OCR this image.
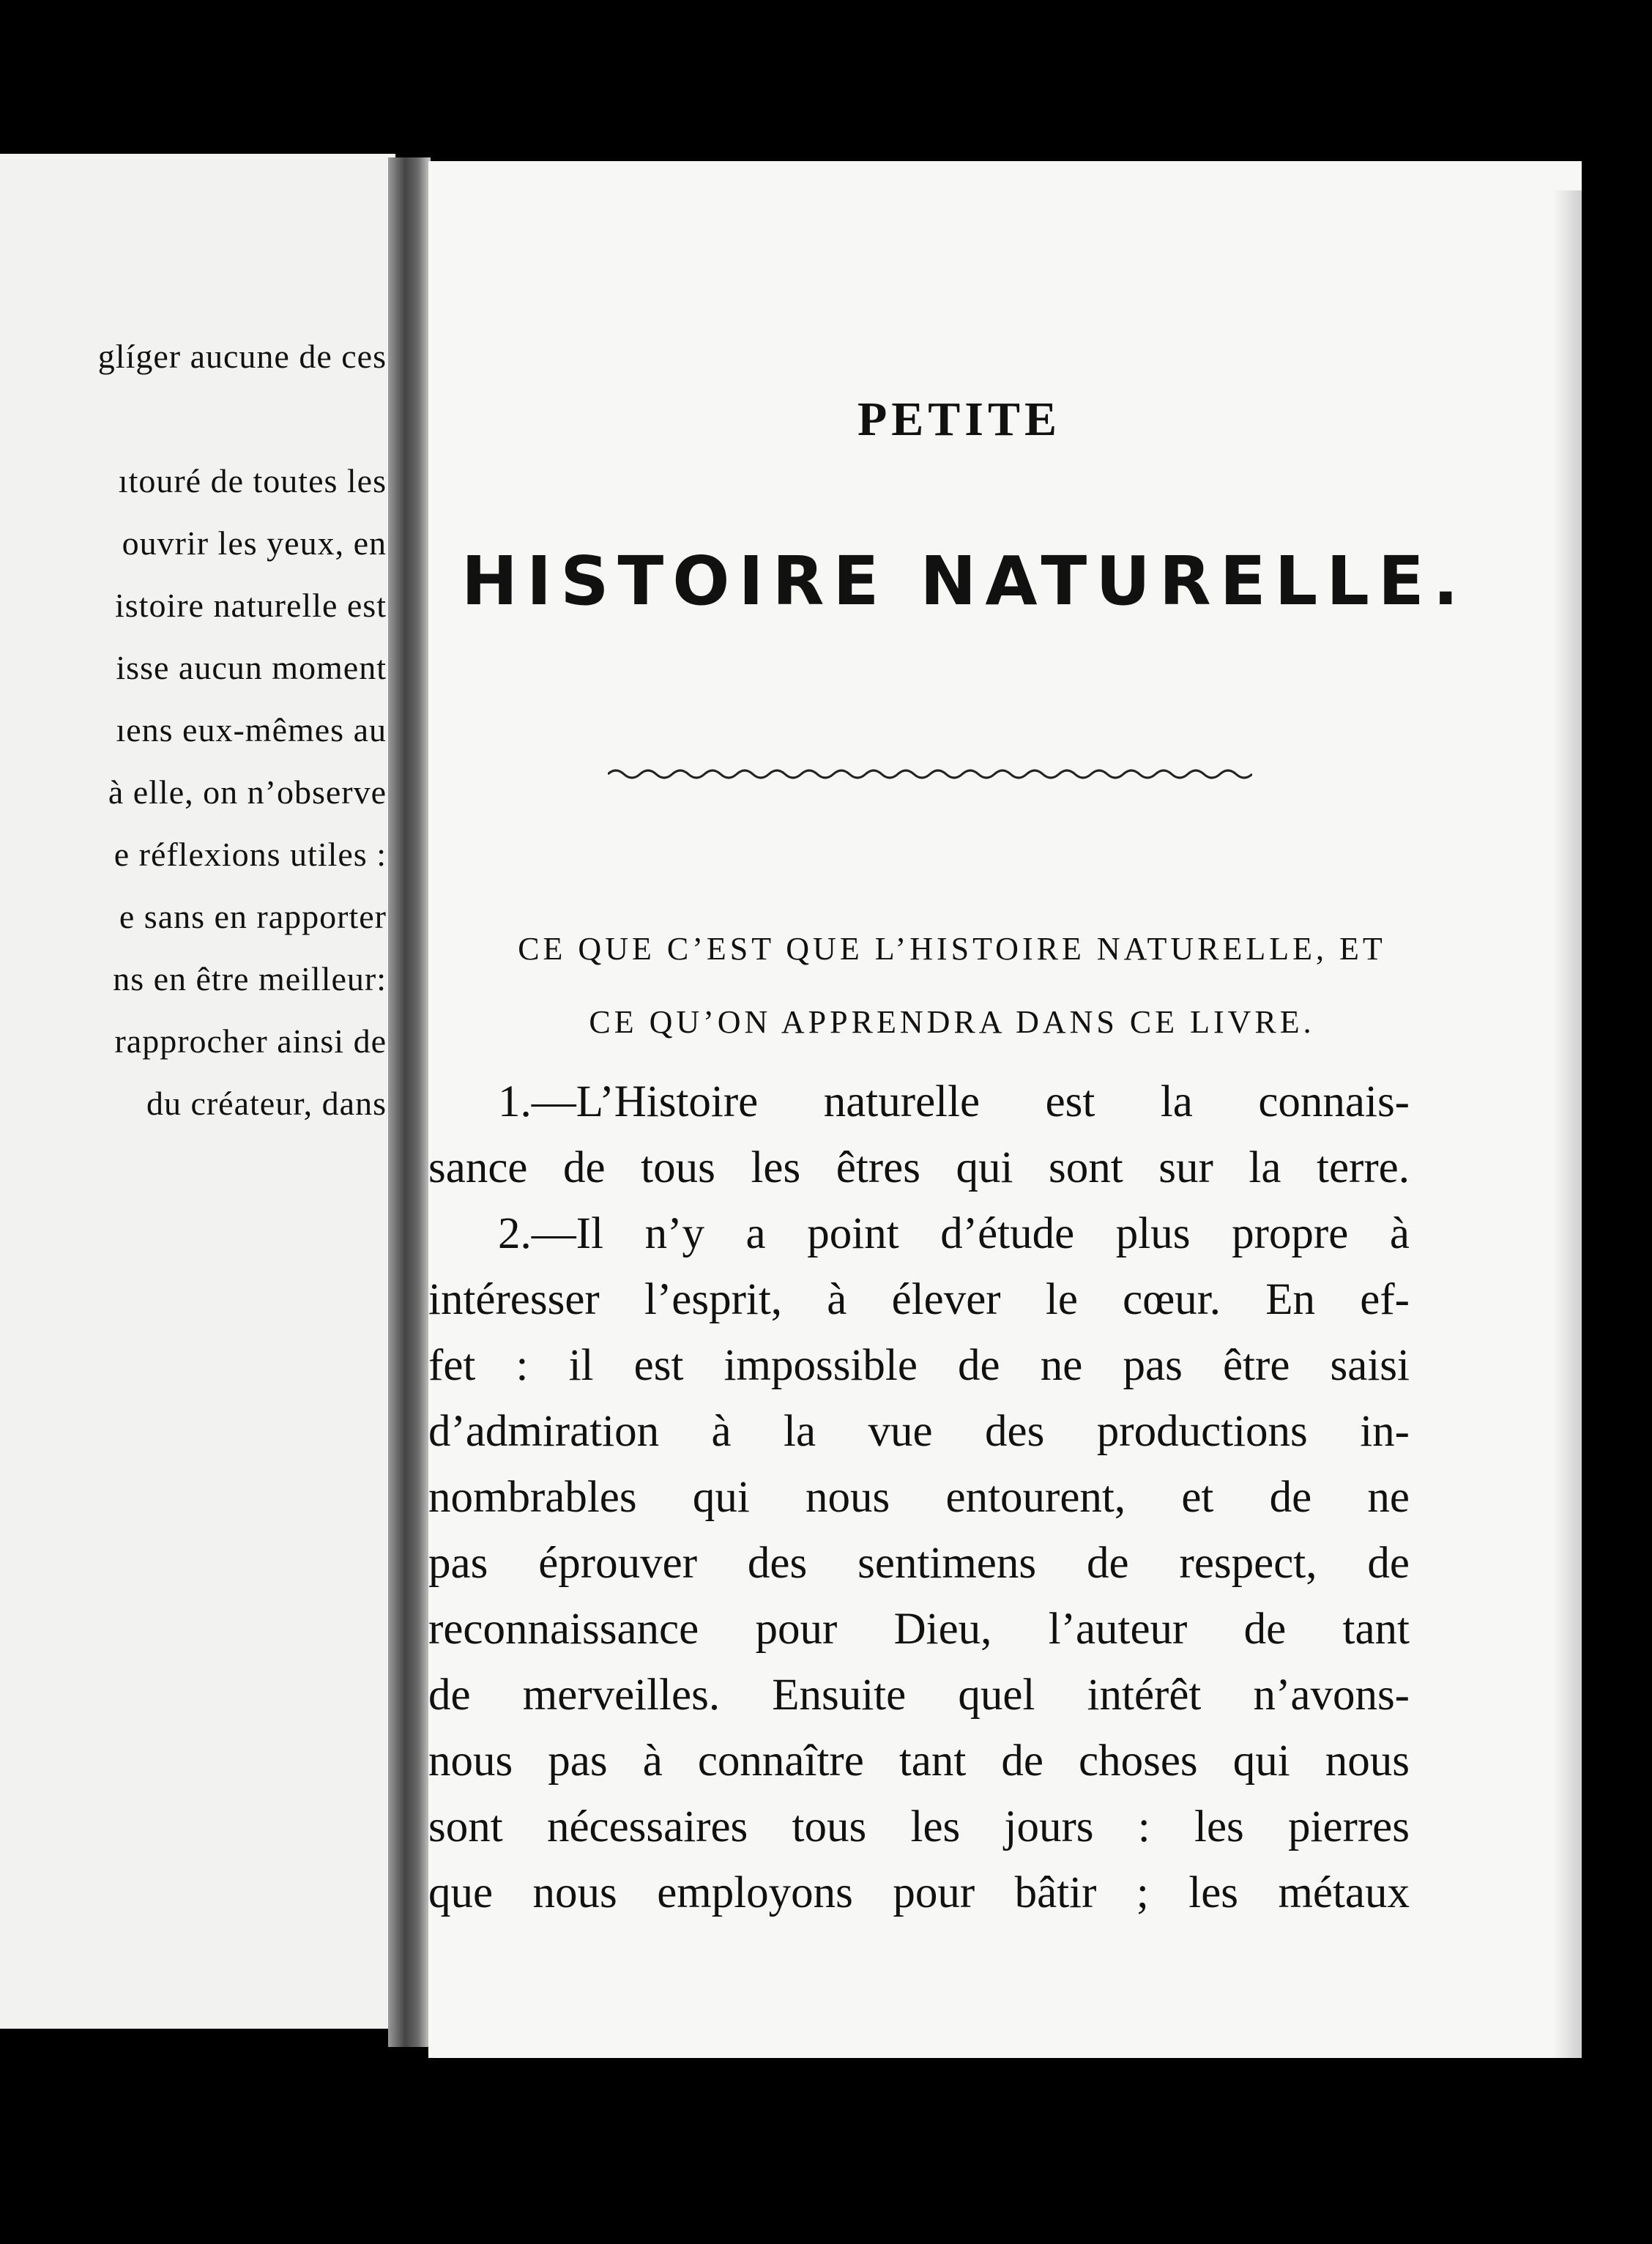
glíger aucune de ces
ıtouré de toutes les
ouvrir les yeux, en
istoire naturelle est
isse aucun moment
ıens eux-mêmes au
à elle, on n’observe
e réflexions utiles :
e sans en rapporter
ns en être meilleur:
rapprocher ainsi de
du créateur, dans
PETITE
HISTOIRE NATURELLE.
CE QUE C’EST QUE L’HISTOIRE NATURELLE, ET
CE QU’ON APPRENDRA DANS CE LIVRE.
1.—L’Histoire naturelle est la connais-
sance de tous les êtres qui sont sur la terre.
2.—Il n’y a point d’étude plus propre à
intéresser l’esprit, à élever le cœur. En ef-
fet : il est impossible de ne pas être saisi
d’admiration à la vue des productions in-
nombrables qui nous entourent, et de ne
pas éprouver des sentimens de respect, de
reconnaissance pour Dieu, l’auteur de tant
de merveilles. Ensuite quel intérêt n’avons-
nous pas à connaître tant de choses qui nous
sont nécessaires tous les jours : les pierres
que nous employons pour bâtir ; les métaux
